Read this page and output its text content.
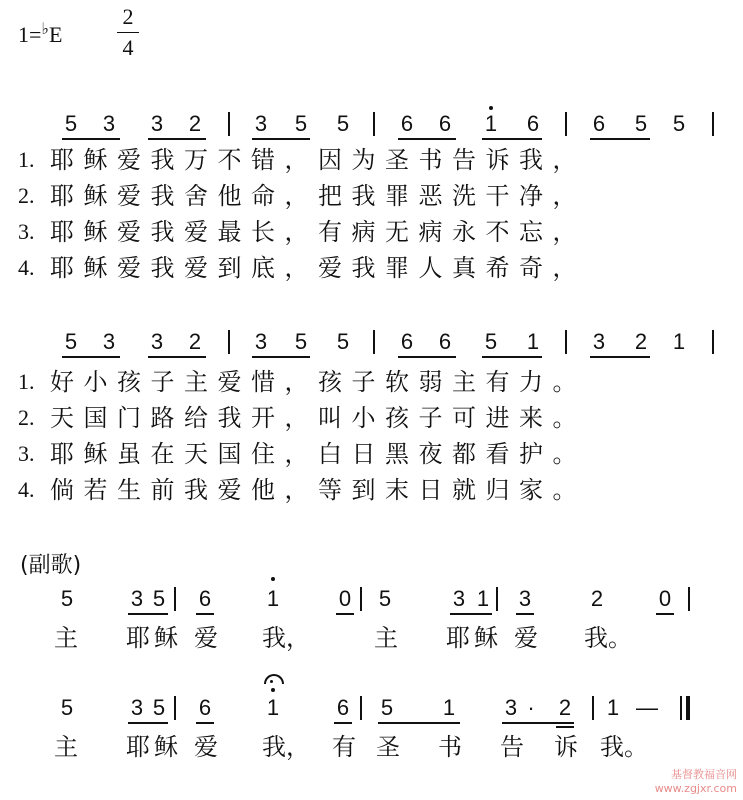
1=♭E
2
4
5 3 3 2 3 5 5 6 6 1 6 6 5 5
1. 耶稣爱我万不错，因为圣书告诉我，
2. 耶稣爱我舍他命，把我罪恶洗干净，
3. 耶稣爱我爱最长，有病无病永不忘，
4. 耶稣爱我爱到底，爱我罪人真希奇，
5 3 3 2 3 5 5 6 6 5 1 3 2 1
1. 好小孩子主爱惜，孩子软弱主有力。
2. 天国门路给我开，叫小孩子可进来。
3. 耶稣虽在天国住，白日黑夜都看护。
4. 倘若生前我爱他，等到末日就归家。
(副歌)
5	3 5 6	1	0 5	3 1 3	2	0
主 耶 稣 爱 我，	主 耶 稣 爱 我。
5	3 5 6	1	6 5 1 3 · 2 1 —
主 耶 稣 爱 我， 有 圣 书 告 诉 我。
基督教福音网
www.zgjxr.com
